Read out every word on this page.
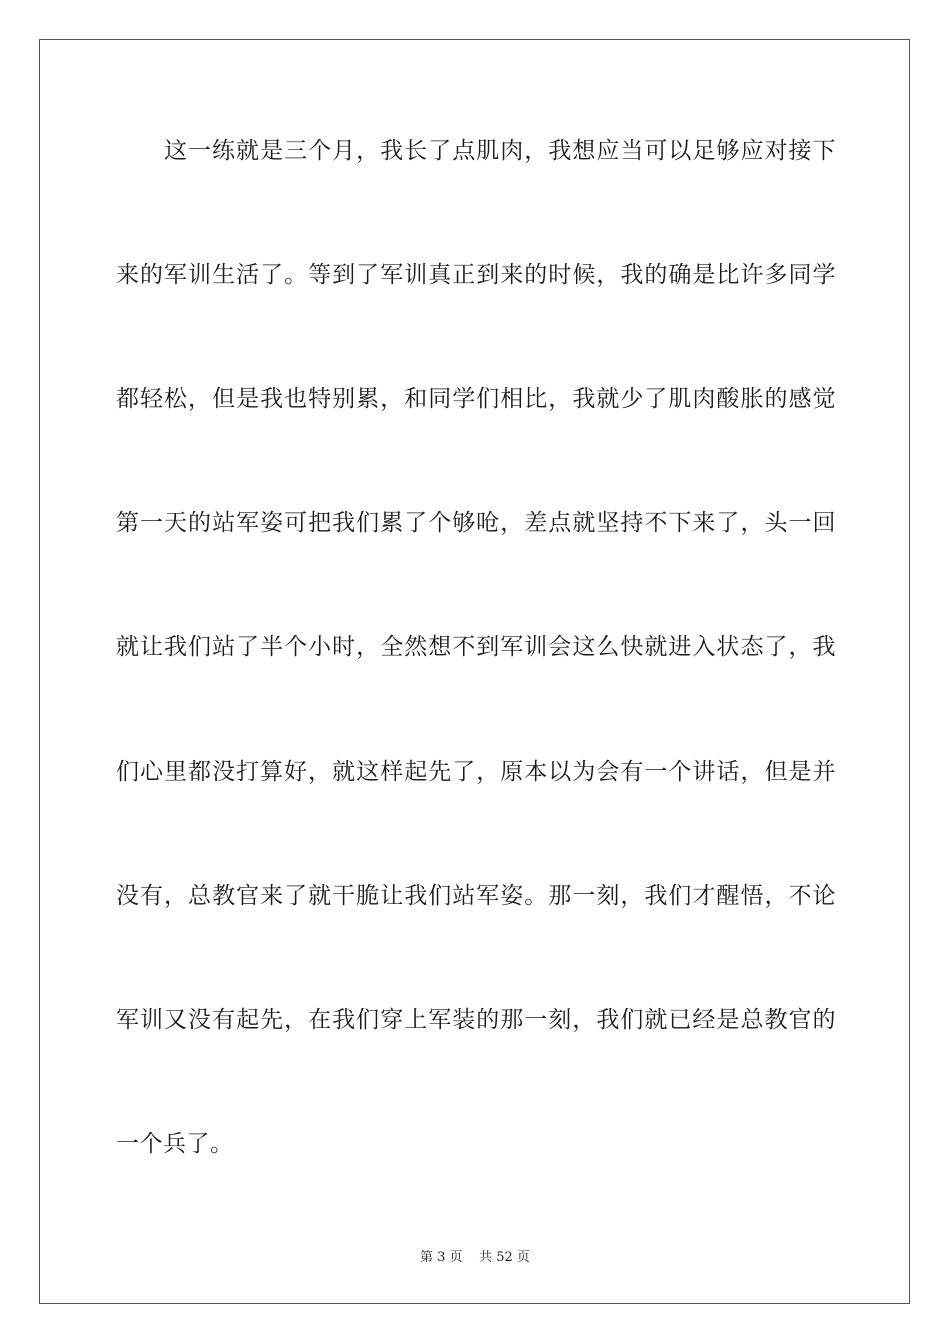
这一练就是三个月，我长了点肌肉，我想应当可以足够应对接下
来的军训生活了。等到了军训真正到来的时候，我的确是比许多同学
都轻松，但是我也特别累，和同学们相比，我就少了肌肉酸胀的感觉
第一天的站军姿可把我们累了个够呛，差点就坚持不下来了，头一回
就让我们站了半个小时，全然想不到军训会这么快就进入状态了，我
们心里都没打算好，就这样起先了，原本以为会有一个讲话，但是并
没有，总教官来了就干脆让我们站军姿。那一刻，我们才醒悟，不论
军训又没有起先，在我们穿上军装的那一刻，我们就已经是总教官的
一个兵了。
第 3 页 共 52 页
